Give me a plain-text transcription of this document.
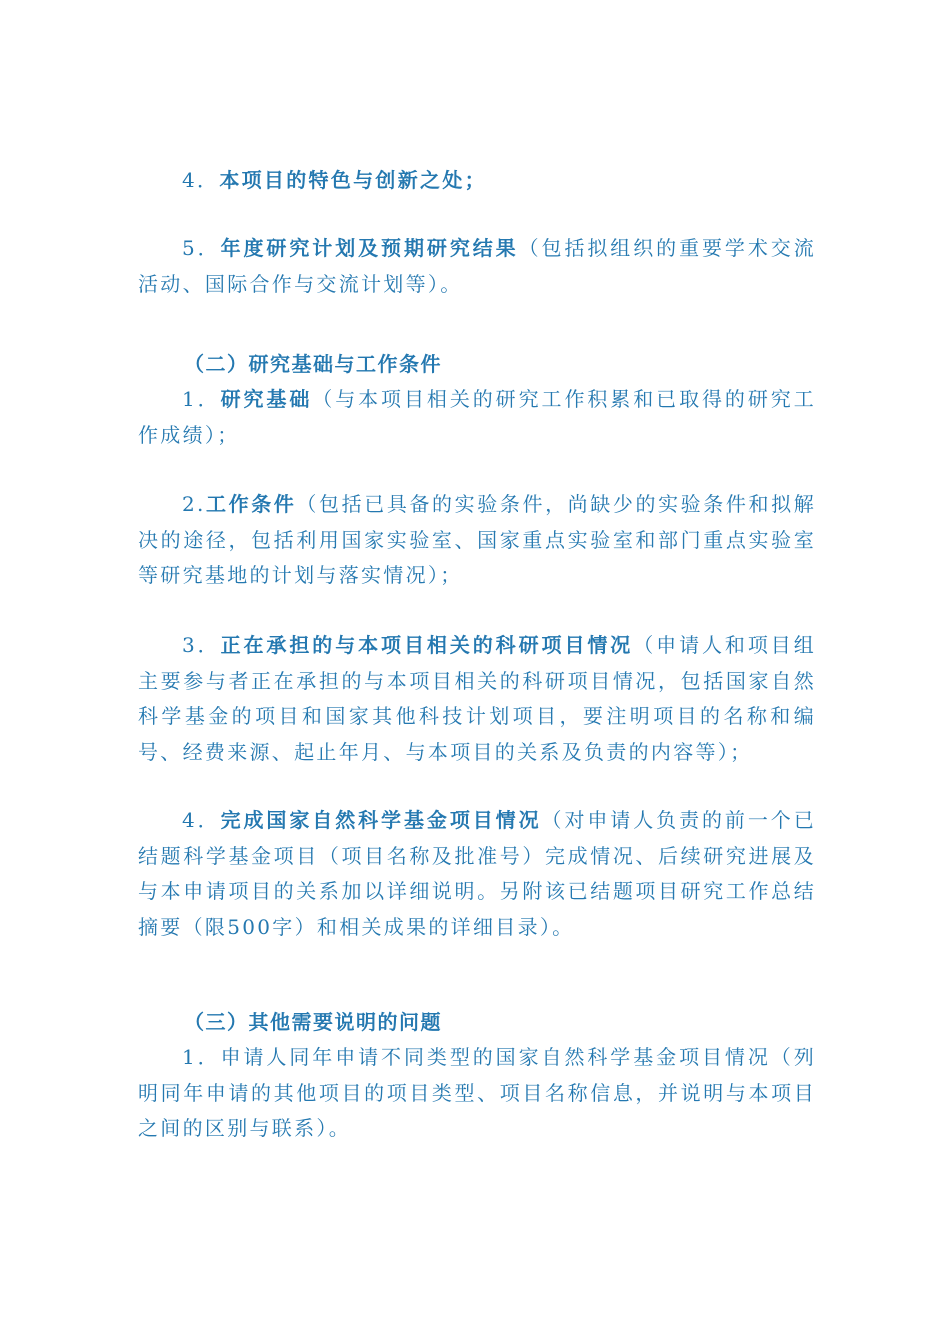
4．本项目的特色与创新之处；

5．年度研究计划及预期研究结果（包括拟组织的重要学术交流活动、国际合作与交流计划等）。

（二）研究基础与工作条件

1．研究基础（与本项目相关的研究工作积累和已取得的研究工作成绩）；

2.工作条件（包括已具备的实验条件，尚缺少的实验条件和拟解决的途径，包括利用国家实验室、国家重点实验室和部门重点实验室等研究基地的计划与落实情况）；

3．正在承担的与本项目相关的科研项目情况（申请人和项目组主要参与者正在承担的与本项目相关的科研项目情况，包括国家自然科学基金的项目和国家其他科技计划项目，要注明项目的名称和编号、经费来源、起止年月、与本项目的关系及负责的内容等）；

4．完成国家自然科学基金项目情况（对申请人负责的前一个已结题科学基金项目（项目名称及批准号）完成情况、后续研究进展及与本申请项目的关系加以详细说明。另附该已结题项目研究工作总结摘要（限500字）和相关成果的详细目录）。

（三）其他需要说明的问题

1．申请人同年申请不同类型的国家自然科学基金项目情况（列明同年申请的其他项目的项目类型、项目名称信息，并说明与本项目之间的区别与联系）。
